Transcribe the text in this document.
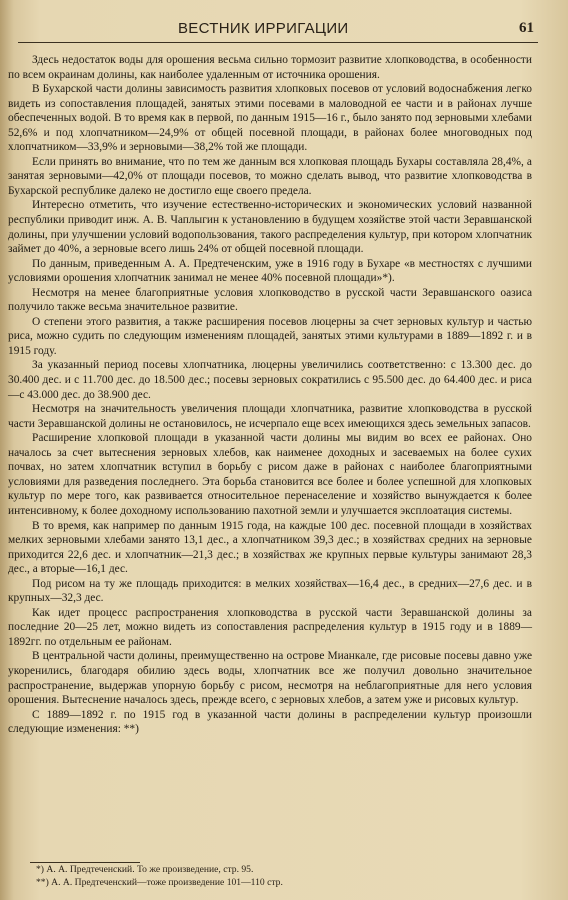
ВЕСТНИК ИРРИГАЦИИ	61

Здесь недостаток воды для орошения весьма сильно тормозит развитие хлопководства, в особенности по всем окраинам долины, как наиболее удаленным от источника орошения.

В Бухарской части долины зависимость развития хлопковых посевов от условий водоснабжения легко видеть из сопоставления площадей, занятых этими посевами в маловодной ее части и в районах лучше обеспеченных водой. В то время как в первой, по данным 1915—16 г., было занято под зерновыми хлебами 52,6% и под хлопчатником—24,9% от общей посевной площади, в районах более многоводных под хлопчатником—33,9% и зерновыми—38,2% той же площади.

Если принять во внимание, что по тем же данным вся хлопковая площадь Бухары составляла 28,4%, а занятая зерновыми—42,0% от площади посевов, то можно сделать вывод, что развитие хлопководства в Бухарской республике далеко не достигло еще своего предела.

Интересно отметить, что изучение естественно-исторических и экономических условий названной республики приводит инж. А. В. Чаплыгин к установлению в будущем хозяйстве этой части Зеравшанской долины, при улучшении условий водопользования, такого распределения культур, при котором хлопчатник займет до 40%, а зерновые всего лишь 24% от общей посевной площади.

По данным, приведенным А. А. Предтеченским, уже в 1916 году в Бухаре «в местностях с лучшими условиями орошения хлопчатник занимал не менее 40% посевной площади»*).

Несмотря на менее благоприятные условия хлопководство в русской части Зеравшанского оазиса получило также весьма значительное развитие.

О степени этого развития, а также расширения посевов люцерны за счет зерновых культур и частью риса, можно судить по следующим изменениям площадей, занятых этими культурами в 1889—1892 г. и в 1915 году.

За указанный период посевы хлопчатника, люцерны увеличились соответственно: с 13.300 дес. до 30.400 дес. и с 11.700 дес. до 18.500 дес.; посевы зерновых сократились с 95.500 дес. до 64.400 дес. и риса—с 43.000 дес. до 38.900 дес.

Несмотря на значительность увеличения площади хлопчатника, развитие хлопководства в русской части Зеравшанской долины не остановилось, не исчерпало еще всех имеющихся здесь земельных запасов.

Расширение хлопковой площади в указанной части долины мы видим во всех ее районах. Оно началось за счет вытеснения зерновых хлебов, как наименее доходных и засеваемых на более сухих почвах, но затем хлопчатник вступил в борьбу с рисом даже в районах с наиболее благоприятными условиями для разведения последнего. Эта борьба становится все более и более успешной для хлопковых культур по мере того, как развивается относительное перенаселение и хозяйство вынуждается к более интенсивному, к более доходному использованию пахотной земли и улучшается эксплоатация системы.

В то время, как например по данным 1915 года, на каждые 100 дес. посевной площади в хозяйствах мелких зерновыми хлебами занято 13,1 дес., а хлопчатником 39,3 дес.; в хозяйствах средних на зерновые приходится 22,6 дес. и хлопчатник—21,3 дес.; в хозяйствах же крупных первые культуры занимают 28,3 дес., а вторые—16,1 дес.

Под рисом на ту же площадь приходится: в мелких хозяйствах—16,4 дес., в средних—27,6 дес. и в крупных—32,3 дес.

Как идет процесс распространения хлопководства в русской части Зеравшанской долины за последние 20—25 лет, можно видеть из сопоставления распределения культур в 1915 году и в 1889—1892гг. по отдельным ее районам.

В центральной части долины, преимущественно на острове Мианкале, где рисовые посевы давно уже укоренились, благодаря обилию здесь воды, хлопчатник все же получил довольно значительное распространение, выдержав упорную борьбу с рисом, несмотря на неблагоприятные для него условия орошения. Вытеснение началось здесь, прежде всего, с зерновых хлебов, а затем уже и рисовых культур.

С 1889—1892 г. по 1915 год в указанной части долины в распределении культур произошли следующие изменения: **)

*) А. А. Предтеченский. То же произведение, стр. 95.
**) А. А. Предтеченский—тоже произведение 101—110 стр.
